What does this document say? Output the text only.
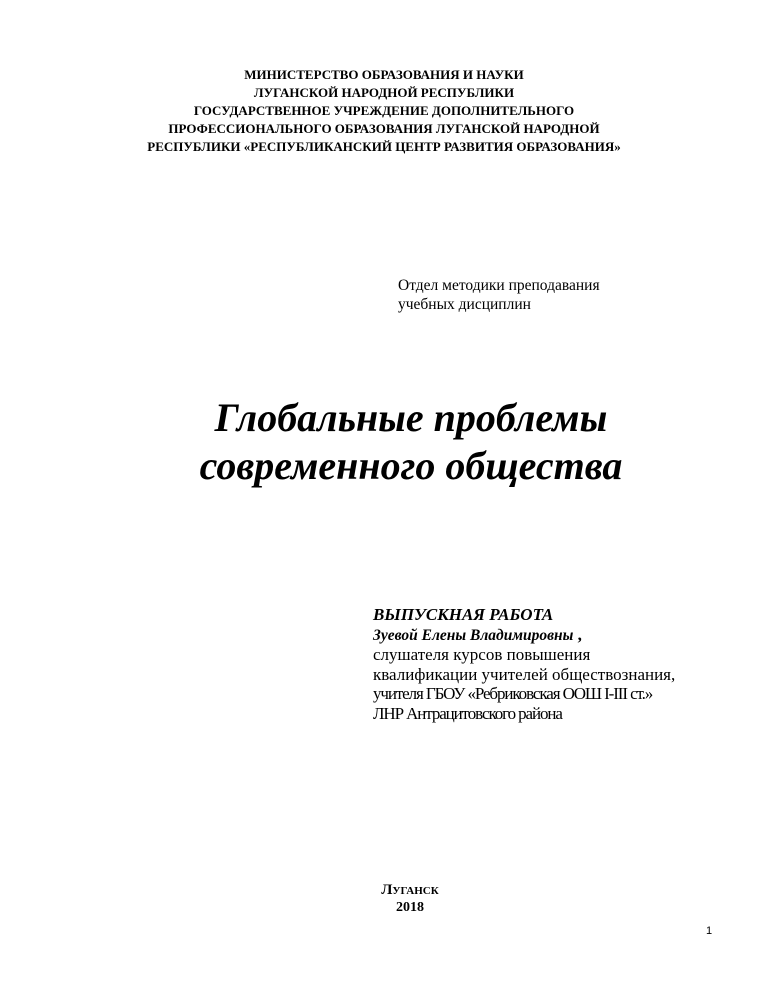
МИНИСТЕРСТВО ОБРАЗОВАНИЯ И НАУКИ
ЛУГАНСКОЙ НАРОДНОЙ РЕСПУБЛИКИ
ГОСУДАРСТВЕННОЕ УЧРЕЖДЕНИЕ ДОПОЛНИТЕЛЬНОГО
ПРОФЕССИОНАЛЬНОГО ОБРАЗОВАНИЯ ЛУГАНСКОЙ НАРОДНОЙ
РЕСПУБЛИКИ «РЕСПУБЛИКАНСКИЙ ЦЕНТР РАЗВИТИЯ ОБРАЗОВАНИЯ»
Отдел методики преподавания
учебных дисциплин
Глобальные проблемы
современного общества
ВЫПУСКНАЯ РАБОТА
Зуевой Елены Владимировны ,
слушателя курсов повышения
квалификации учителей обществознания,
учителя ГБОУ «Ребриковская ООШ I-III ст.»
ЛНР Антрацитовского района
Луганск
2018
1
